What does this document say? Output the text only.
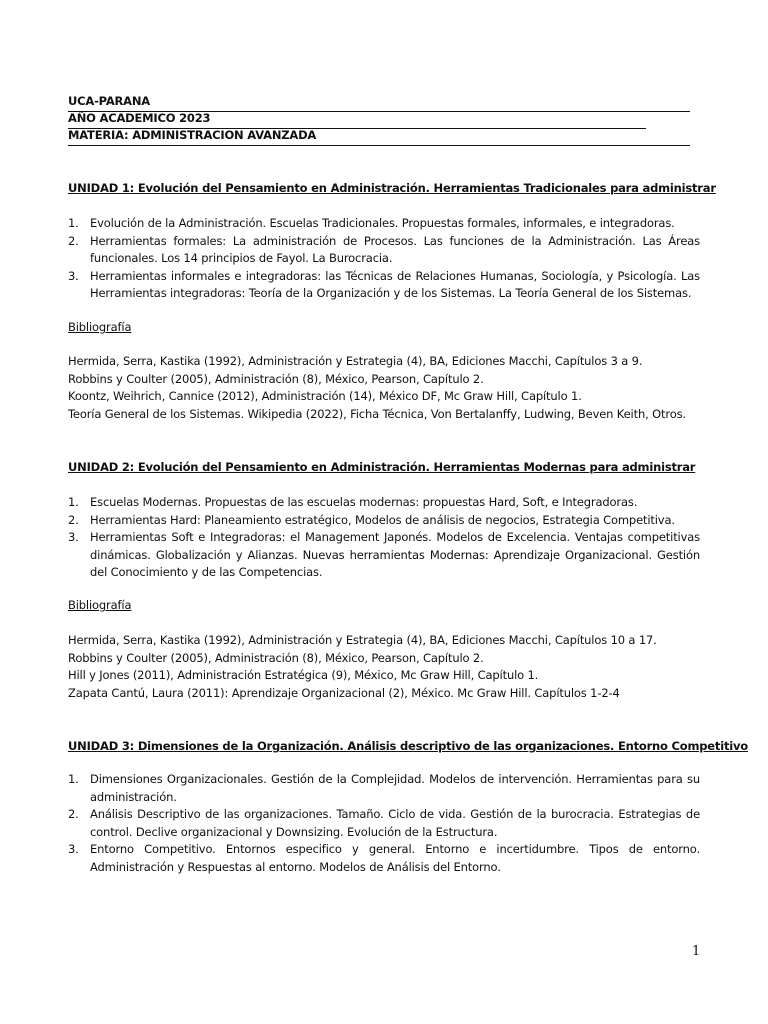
UCA-PARANA
AÑO ACADEMICO 2023
MATERIA: ADMINISTRACION AVANZADA
UNIDAD 1: Evolución del Pensamiento en Administración. Herramientas Tradicionales para administrar
1. Evolución de la Administración. Escuelas Tradicionales. Propuestas formales, informales, e integradoras.
2. Herramientas formales: La administración de Procesos. Las funciones de la Administración. Las Áreas funcionales. Los 14 principios de Fayol. La Burocracia.
3. Herramientas informales e integradoras: las Técnicas de Relaciones Humanas, Sociología, y Psicología. Las Herramientas integradoras: Teoría de la Organización y de los Sistemas. La Teoría General de los Sistemas.
Bibliografía
Hermida, Serra, Kastika (1992), Administración y Estrategia (4), BA, Ediciones Macchi, Capítulos 3 a 9.
Robbins y Coulter (2005), Administración (8), México, Pearson, Capítulo 2.
Koontz, Weihrich, Cannice (2012), Administración (14), México DF, Mc Graw Hill, Capítulo 1.
Teoría General de los Sistemas. Wikipedia (2022), Ficha Técnica, Von Bertalanffy, Ludwing, Beven Keith, Otros.
UNIDAD 2: Evolución del Pensamiento en Administración. Herramientas Modernas para administrar
1. Escuelas Modernas. Propuestas de las escuelas modernas: propuestas Hard, Soft, e Integradoras.
2. Herramientas Hard: Planeamiento estratégico, Modelos de análisis de negocios, Estrategia Competitiva.
3. Herramientas Soft e Integradoras: el Management Japonés. Modelos de Excelencia. Ventajas competitivas dinámicas. Globalización y Alianzas. Nuevas herramientas Modernas: Aprendizaje Organizacional. Gestión del Conocimiento y de las Competencias.
Bibliografía
Hermida, Serra, Kastika (1992), Administración y Estrategia (4), BA, Ediciones Macchi, Capítulos 10 a 17.
Robbins y Coulter (2005), Administración (8), México, Pearson, Capítulo 2.
Hill y Jones (2011), Administración Estratégica (9), México, Mc Graw Hill, Capítulo 1.
Zapata Cantú, Laura (2011): Aprendizaje Organizacional (2), México. Mc Graw Hill. Capítulos 1-2-4
UNIDAD 3: Dimensiones de la Organización. Análisis descriptivo de las organizaciones. Entorno Competitivo
1. Dimensiones Organizacionales. Gestión de la Complejidad. Modelos de intervención. Herramientas para su administración.
2. Análisis Descriptivo de las organizaciones. Tamaño. Ciclo de vida. Gestión de la burocracia. Estrategias de control. Declive organizacional y Downsizing. Evolución de la Estructura.
3. Entorno Competitivo. Entornos especifico y general. Entorno e incertidumbre. Tipos de entorno. Administración y Respuestas al entorno. Modelos de Análisis del Entorno.
1
